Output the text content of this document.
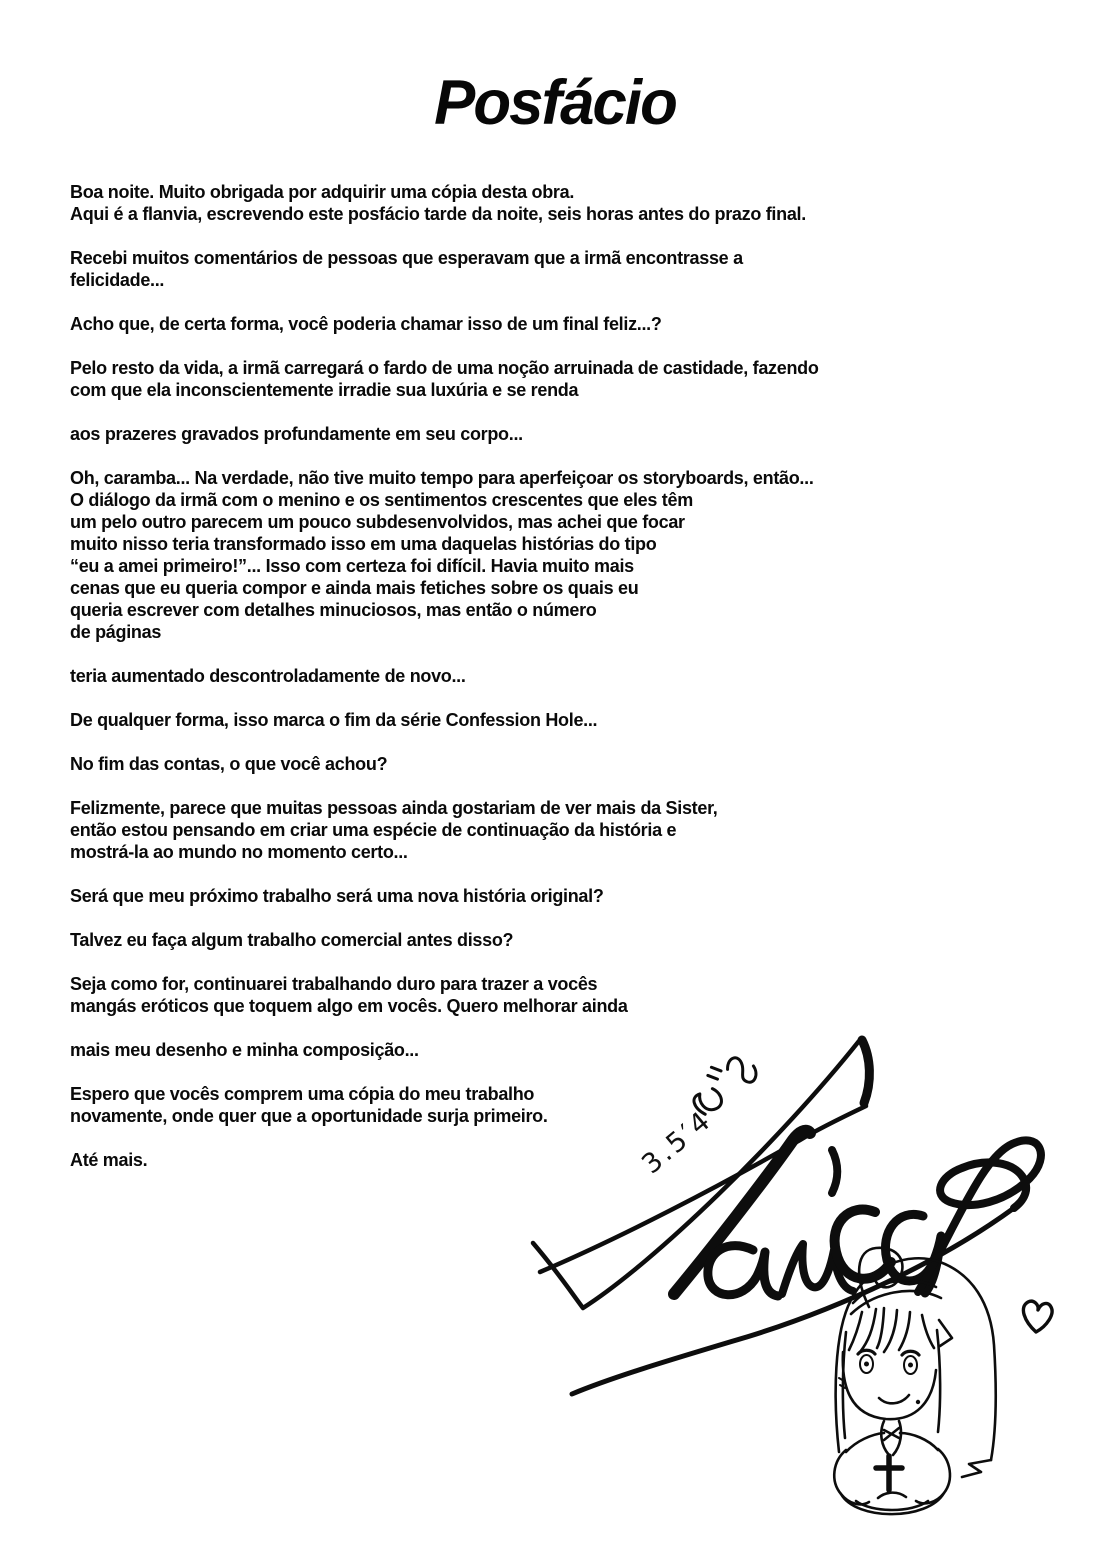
Posfácio

Boa noite. Muito obrigada por adquirir uma cópia desta obra.
Aqui é a flanvia, escrevendo este posfácio tarde da noite, seis horas antes do prazo final.

Recebi muitos comentários de pessoas que esperavam que a irmã encontrasse a
felicidade...

Acho que, de certa forma, você poderia chamar isso de um final feliz...?

Pelo resto da vida, a irmã carregará o fardo de uma noção arruinada de castidade, fazendo
com que ela inconscientemente irradie sua luxúria e se renda

aos prazeres gravados profundamente em seu corpo...

Oh, caramba... Na verdade, não tive muito tempo para aperfeiçoar os storyboards, então...
O diálogo da irmã com o menino e os sentimentos crescentes que eles têm
um pelo outro parecem um pouco subdesenvolvidos, mas achei que focar
muito nisso teria transformado isso em uma daquelas histórias do tipo
“eu a amei primeiro!”... Isso com certeza foi difícil. Havia muito mais
cenas que eu queria compor e ainda mais fetiches sobre os quais eu
queria escrever com detalhes minuciosos, mas então o número
de páginas

teria aumentado descontroladamente de novo...

De qualquer forma, isso marca o fim da série Confession Hole...

No fim das contas, o que você achou?

Felizmente, parece que muitas pessoas ainda gostariam de ver mais da Sister,
então estou pensando em criar uma espécie de continuação da história e
mostrá-la ao mundo no momento certo...

Será que meu próximo trabalho será uma nova história original?

Talvez eu faça algum trabalho comercial antes disso?

Seja como for, continuarei trabalhando duro para trazer a vocês
mangás eróticos que toquem algo em vocês. Quero melhorar ainda

mais meu desenho e minha composição...

Espero que vocês comprem uma cópia do meu trabalho
novamente, onde quer que a oportunidade surja primeiro.

Até mais.	3.5′4
